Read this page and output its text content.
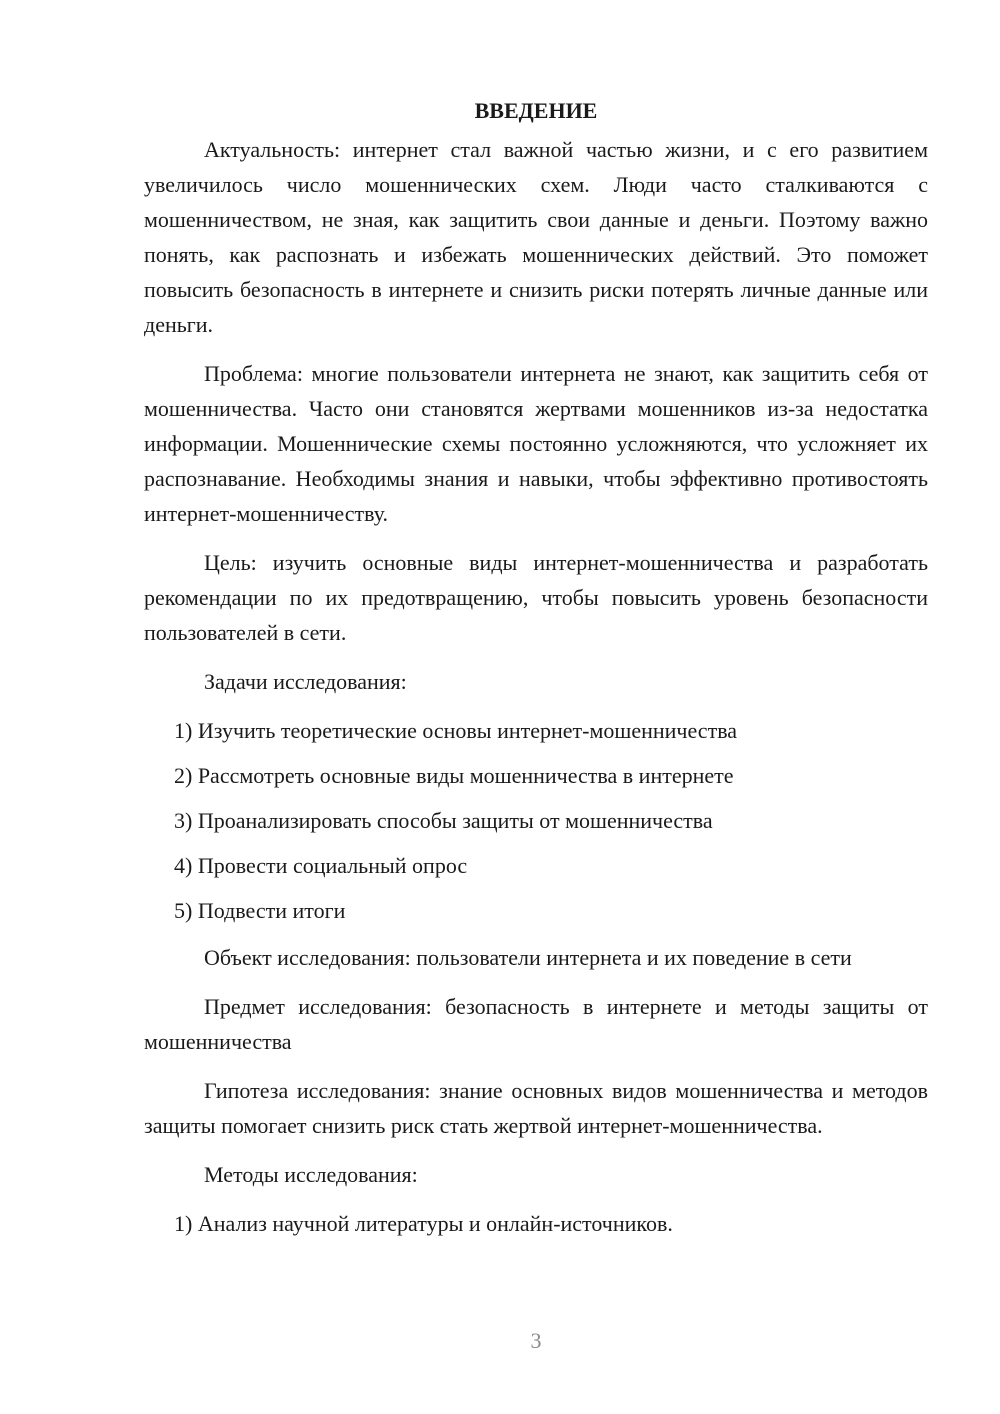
ВВЕДЕНИЕ

Актуальность: интернет стал важной частью жизни, и с его развитием увеличилось число мошеннических схем. Люди часто сталкиваются с мошенничеством, не зная, как защитить свои данные и деньги. Поэтому важно понять, как распознать и избежать мошеннических действий. Это поможет повысить безопасность в интернете и снизить риски потерять личные данные или деньги.

Проблема: многие пользователи интернета не знают, как защитить себя от мошенничества. Часто они становятся жертвами мошенников из-за недостатка информации. Мошеннические схемы постоянно усложняются, что усложняет их распознавание. Необходимы знания и навыки, чтобы эффективно противостоять интернет-мошенничеству.

Цель: изучить основные виды интернет-мошенничества и разработать рекомендации по их предотвращению, чтобы повысить уровень безопасности пользователей в сети.

Задачи исследования:

1) Изучить теоретические основы интернет-мошенничества
2) Рассмотреть основные виды мошенничества в интернете
3) Проанализировать способы защиты от мошенничества
4) Провести социальный опрос
5) Подвести итоги

Объект исследования: пользователи интернета и их поведение в сети

Предмет исследования: безопасность в интернете и методы защиты от мошенничества

Гипотеза исследования: знание основных видов мошенничества и методов защиты помогает снизить риск стать жертвой интернет-мошенничества.

Методы исследования:

1) Анализ научной литературы и онлайн-источников.
3
